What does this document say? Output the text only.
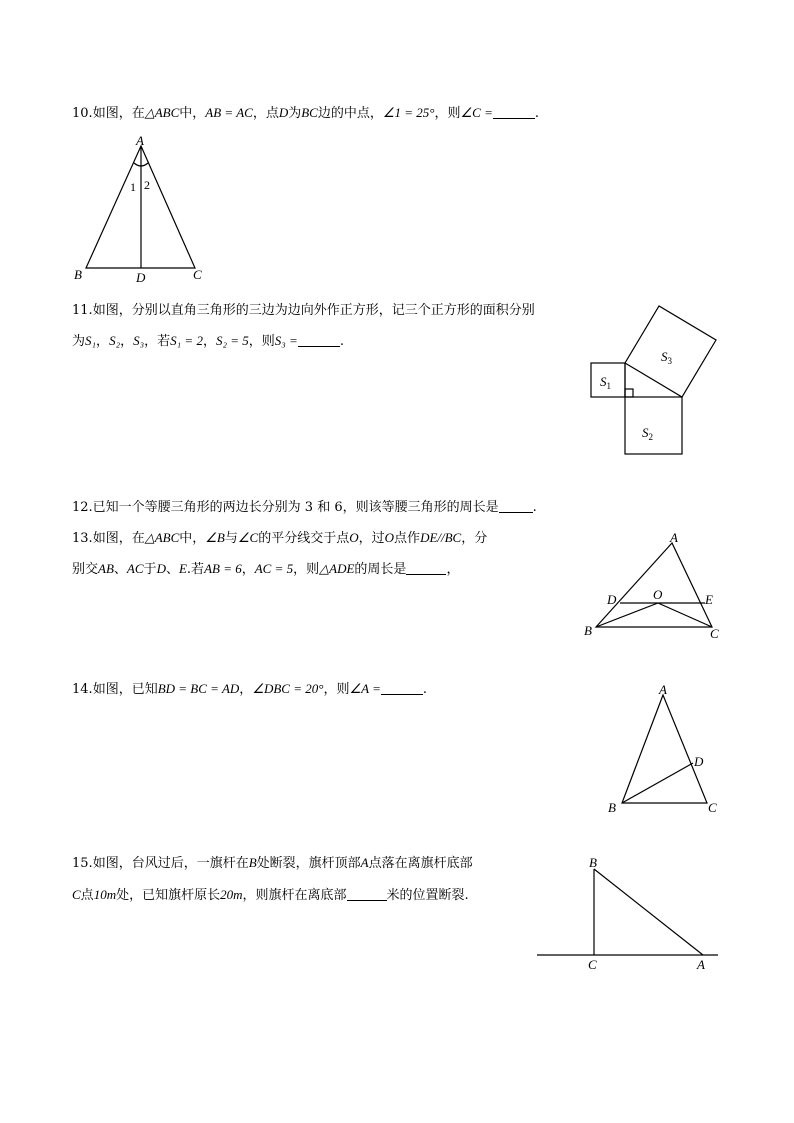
10.如图，在△ABC中，AB = AC，点D为BC边的中点，∠1 = 25°，则∠C =	.
A
B	C
D
1 2
11.如图，分别以直角三角形的三边为边向外作正方形，记三个正方形的面积分别
为S₁，S₂，S₃，若S₁ = 2，S₂ = 5，则S₃ =	.
$S_1$
$S_2$
$S_3$
12.已知一个等腰三角形的两边长分别为 3 和 6，则该等腰三角形的周长是	.
13.如图，在△ABC中，∠B与∠C的平分线交于点O，过O点作DE//BC，分
别交AB、AC于D、E.若AB = 6，AC = 5，则△ADE的周长是	，
A
B	C
D	E
O
14.如图，已知BD = BC = AD，∠DBC = 20°，则∠A =	.	A
B	C
D
15.如图，台风过后，一旗杆在B处断裂，旗杆顶部A点落在离旗杆底部
C点10m处，已知旗杆原长20m，则旗杆在离底部	米的位置断裂.
B
C	A
